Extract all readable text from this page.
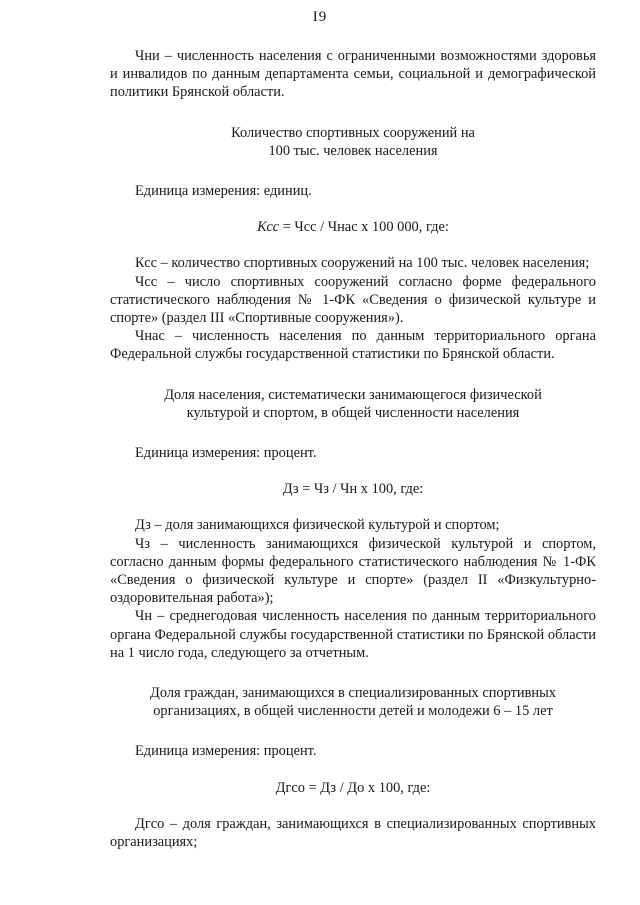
I9

Чни – численность населения с ограниченными возможностями здоровья и инвалидов по данным департамента семьи, социальной и демографической политики Брянской области.

Количество спортивных сооружений на
100 тыс. человек населения

Единица измерения: единиц.

Ксс = Чсс / Чнас x 100 000, где:

Ксс – количество спортивных сооружений на 100 тыс. человек населения;

Чсс – число спортивных сооружений согласно форме федерального статистического наблюдения № 1-ФК «Сведения о физической культуре и спорте» (раздел III «Спортивные сооружения»).

Чнас – численность населения по данным территориального органа Федеральной службы государственной статистики по Брянской области.

Доля населения, систематически занимающегося физической
культурой и спортом, в общей численности населения

Единица измерения: процент.

Дз = Чз / Чн x 100, где:

Дз – доля занимающихся физической культурой и спортом;

Чз – численность занимающихся физической культурой и спортом, согласно данным формы федерального статистического наблюдения № 1-ФК «Сведения о физической культуре и спорте» (раздел II «Физкультурно-оздоровительная работа»);

Чн – среднегодовая численность населения по данным территориального органа Федеральной службы государственной статистики по Брянской области на 1 число года, следующего за отчетным.

Доля граждан, занимающихся в специализированных спортивных
организациях, в общей численности детей и молодежи 6 – 15 лет

Единица измерения: процент.

Дгсо = Дз / До x 100, где:

Дгсо – доля граждан, занимающихся в специализированных спортивных организациях;
